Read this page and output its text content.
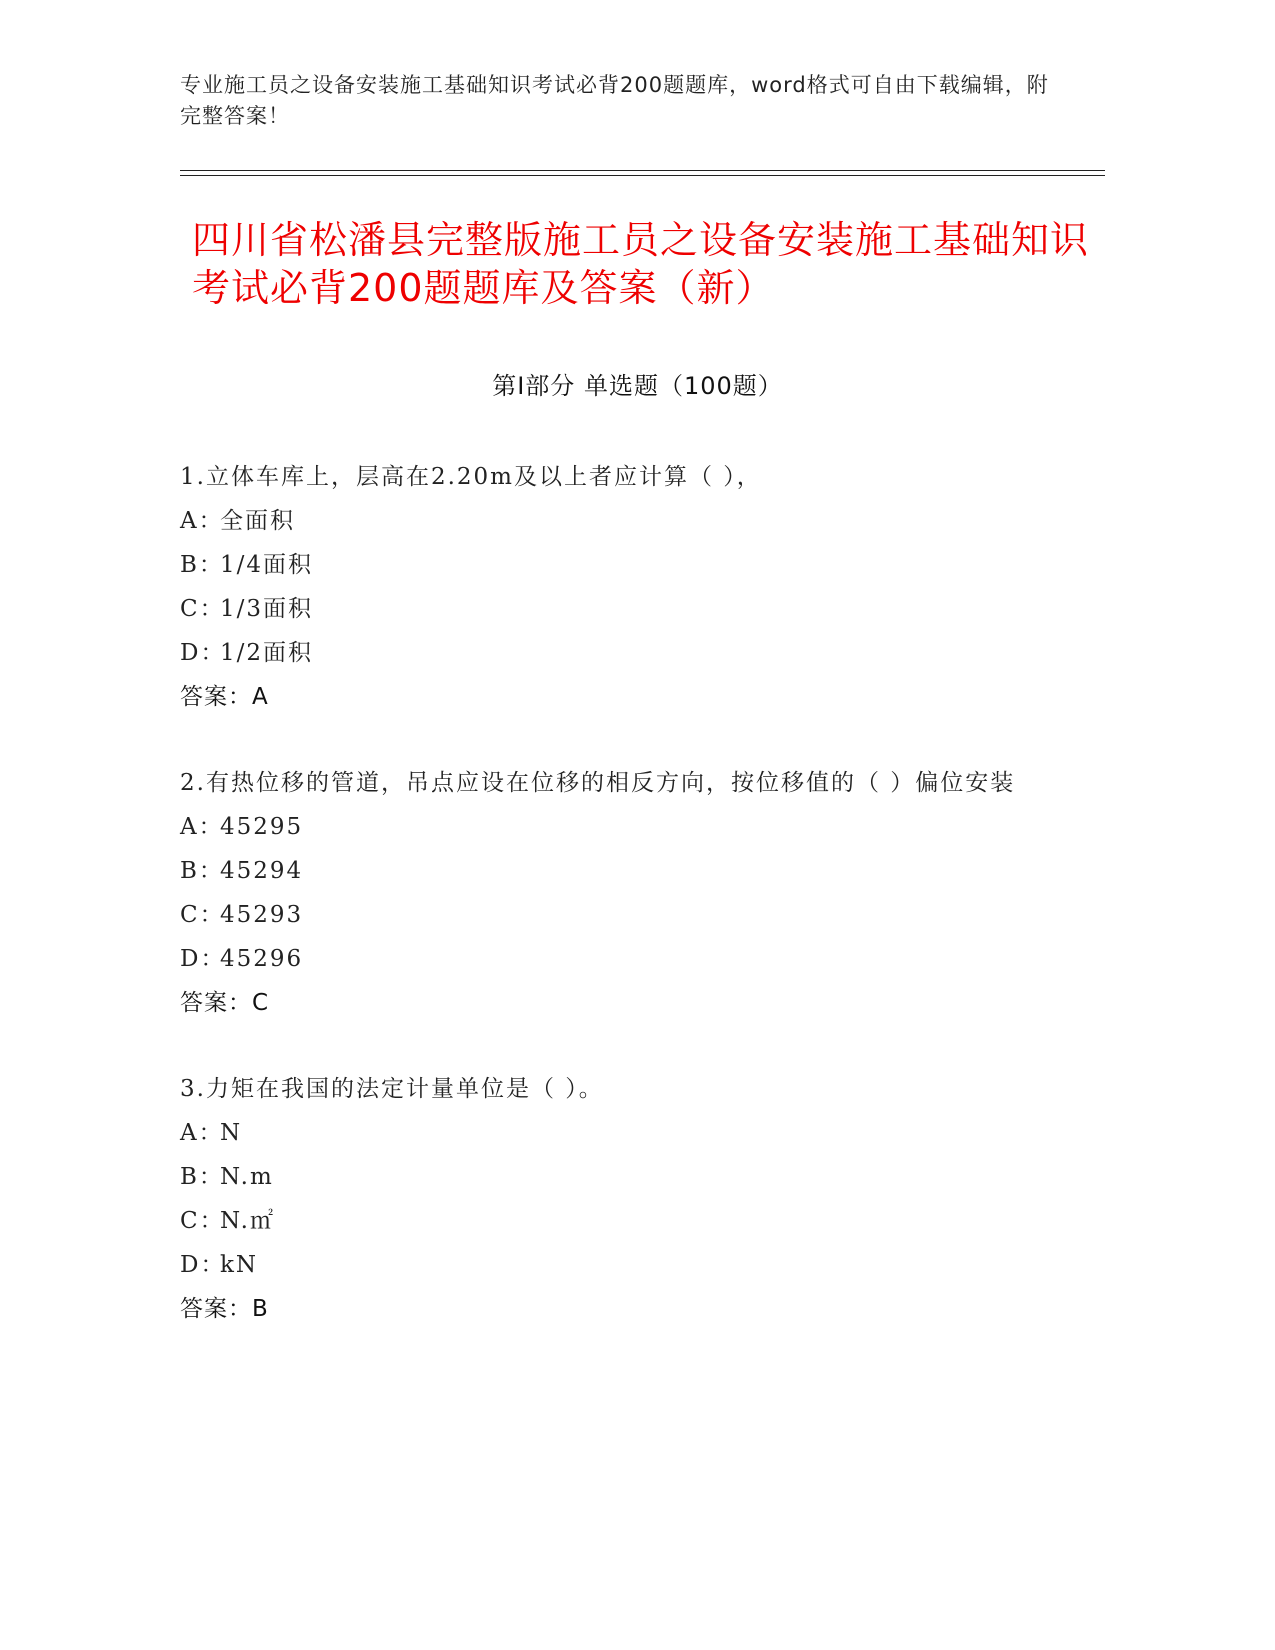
专业施工员之设备安装施工基础知识考试必背200题题库，word格式可自由下载编辑，附完整答案！
四川省松潘县完整版施工员之设备安装施工基础知识考试必背200题题库及答案（新）
第Ⅰ部分 单选题（100题）
1.立体车库上，层高在2.20m及以上者应计算（ ），
A：
全面积
B：
1/4面积
C：
1/3面积
D：
1/2面积
答案：A
2.有热位移的管道，吊点应设在位移的相反方向，按位移值的（ ）偏位安装
A：
45295
B：
45294
C：
45293
D：
45296
答案：C
3.力矩在我国的法定计量单位是（ ）。
A：
N
B：
N.m
C：
N.㎡
D：
kN
答案：B
